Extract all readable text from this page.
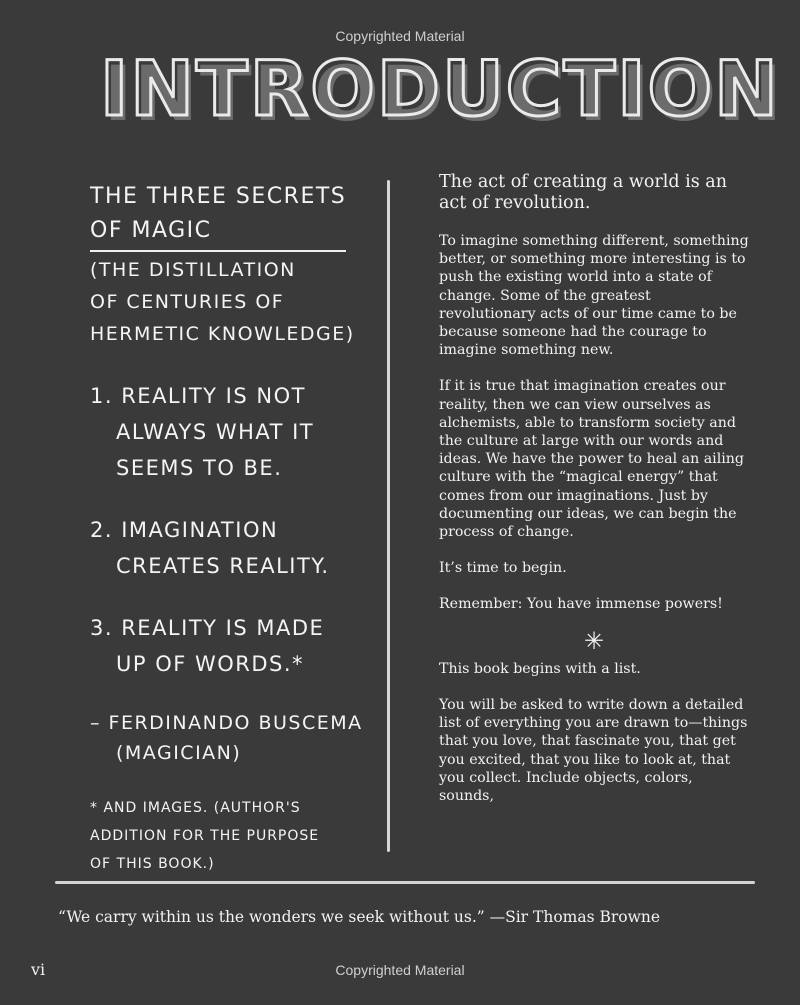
Copyrighted Material
INTRODUCTION
THE THREE SECRETS
OF MAGIC
(THE DISTILLATION
OF CENTURIES OF
HERMETIC KNOWLEDGE)
1. REALITY IS NOT
ALWAYS WHAT IT
SEEMS TO BE.
2. IMAGINATION
CREATES REALITY.
3. REALITY IS MADE
UP OF WORDS.*
– FERDINANDO BUSCEMA
(MAGICIAN)
* AND IMAGES. (AUTHOR'S
ADDITION FOR THE PURPOSE
OF THIS BOOK.)

The act of creating a world is an act of revolution.

To imagine something different, something better, or something more interesting is to push the existing world into a state of change. Some of the greatest revolutionary acts of our time came to be because someone had the courage to imagine something new.

If it is true that imagination creates our reality, then we can view ourselves as alchemists, able to transform society and the culture at large with our words and ideas. We have the power to heal an ailing culture with the “magical energy” that comes from our imaginations. Just by documenting our ideas, we can begin the process of change.

It’s time to begin.

Remember: You have immense powers!

✳

This book begins with a list.

You will be asked to write down a detailed list of everything you are drawn to—things that you love, that fascinate you, that get you excited, that you like to look at, that you collect. Include objects, colors, sounds,

“We carry within us the wonders we seek without us.” —Sir Thomas Browne
vi	Copyrighted Material
